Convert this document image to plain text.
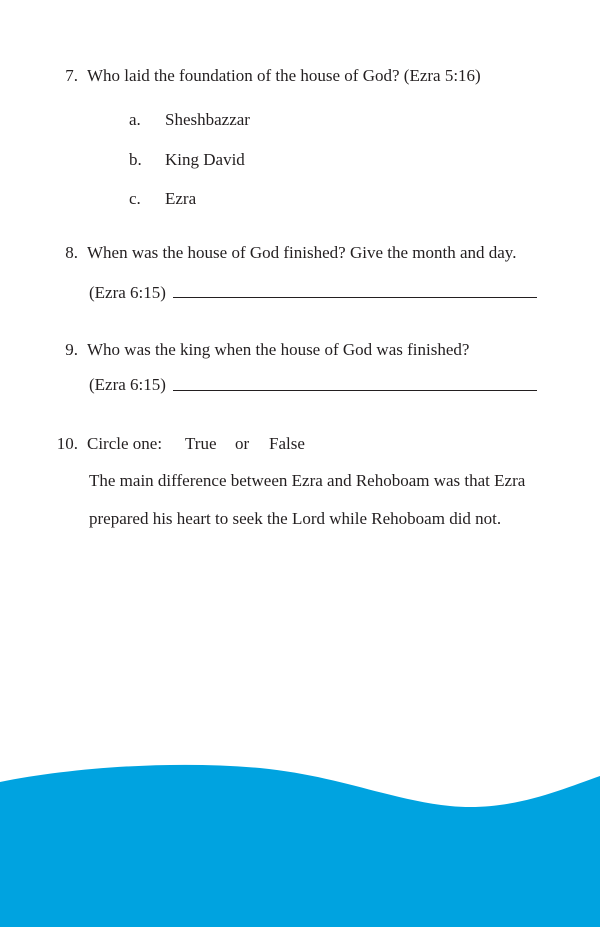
7. Who laid the foundation of the house of God? (Ezra 5:16)
a. Sheshbazzar
b. King David
c. Ezra
8. When was the house of God finished? Give the month and day.
(Ezra 6:15)
9. Who was the king when the house of God was finished?
(Ezra 6:15)
10. Circle one: True or False
The main difference between Ezra and Rehoboam was that Ezra
prepared his heart to seek the Lord while Rehoboam did not.
